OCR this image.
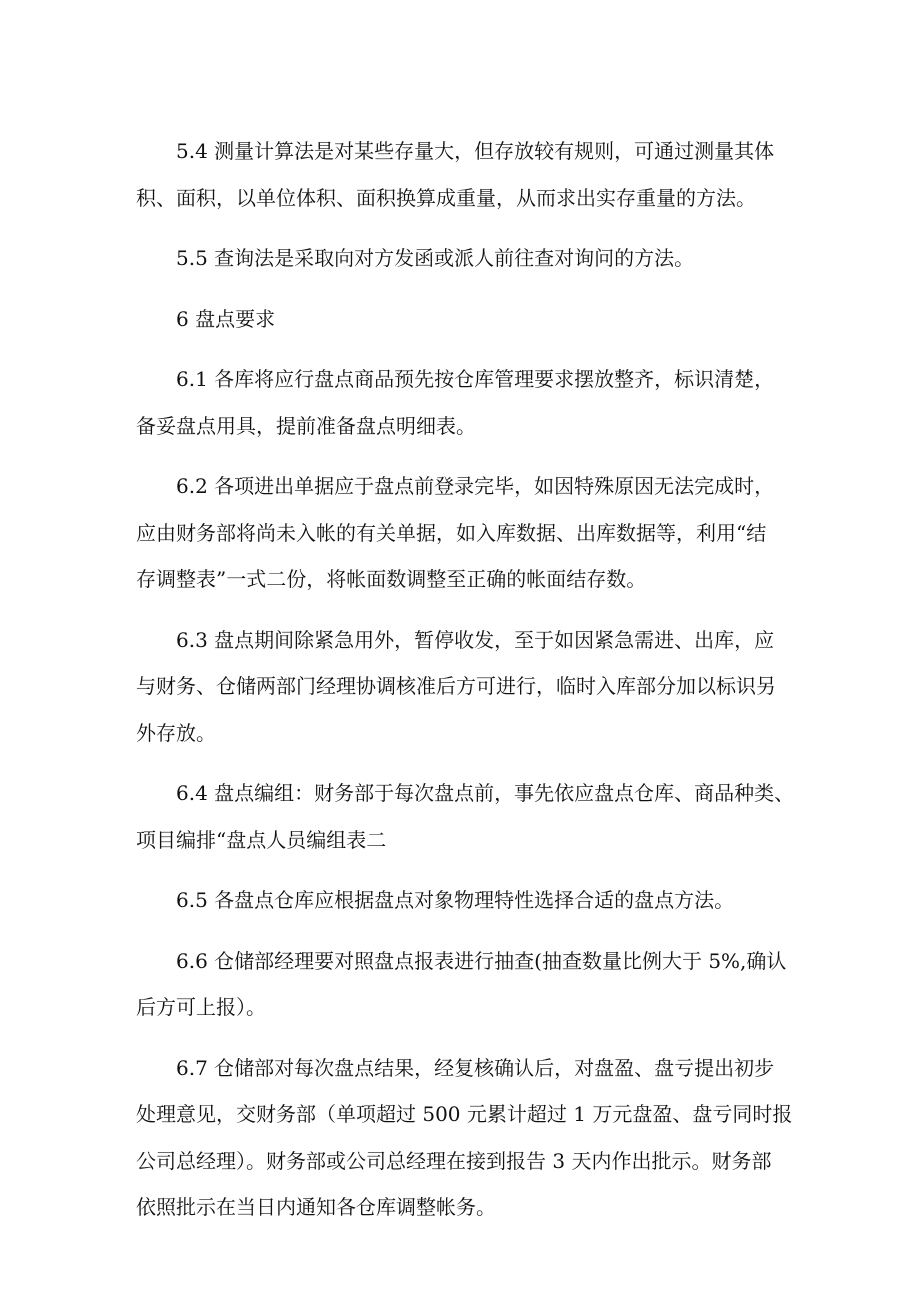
5.4 测量计算法是对某些存量大，但存放较有规则，可通过测量其体
积、面积，以单位体积、面积换算成重量，从而求出实存重量的方法。

5.5 查询法是采取向对方发函或派人前往查对询问的方法。

6 盘点要求

6.1 各库将应行盘点商品预先按仓库管理要求摆放整齐，标识清楚，
备妥盘点用具，提前准备盘点明细表。

6.2 各项进出单据应于盘点前登录完毕，如因特殊原因无法完成时，
应由财务部将尚未入帐的有关单据，如入库数据、出库数据等，利用“结
存调整表”一式二份，将帐面数调整至正确的帐面结存数。

6.3 盘点期间除紧急用外，暂停收发，至于如因紧急需进、出库，应
与财务、仓储两部门经理协调核准后方可进行，临时入库部分加以标识另
外存放。

6.4 盘点编组：财务部于每次盘点前，事先依应盘点仓库、商品种类、
项目编排“盘点人员编组表二

6.5 各盘点仓库应根据盘点对象物理特性选择合适的盘点方法。

6.6 仓储部经理要对照盘点报表进行抽查(抽查数量比例大于 5%,确认
后方可上报）。

6.7 仓储部对每次盘点结果，经复核确认后，对盘盈、盘亏提出初步
处理意见，交财务部（单项超过 500 元累计超过 1 万元盘盈、盘亏同时报
公司总经理）。财务部或公司总经理在接到报告 3 天内作出批示。财务部
依照批示在当日内通知各仓库调整帐务。
